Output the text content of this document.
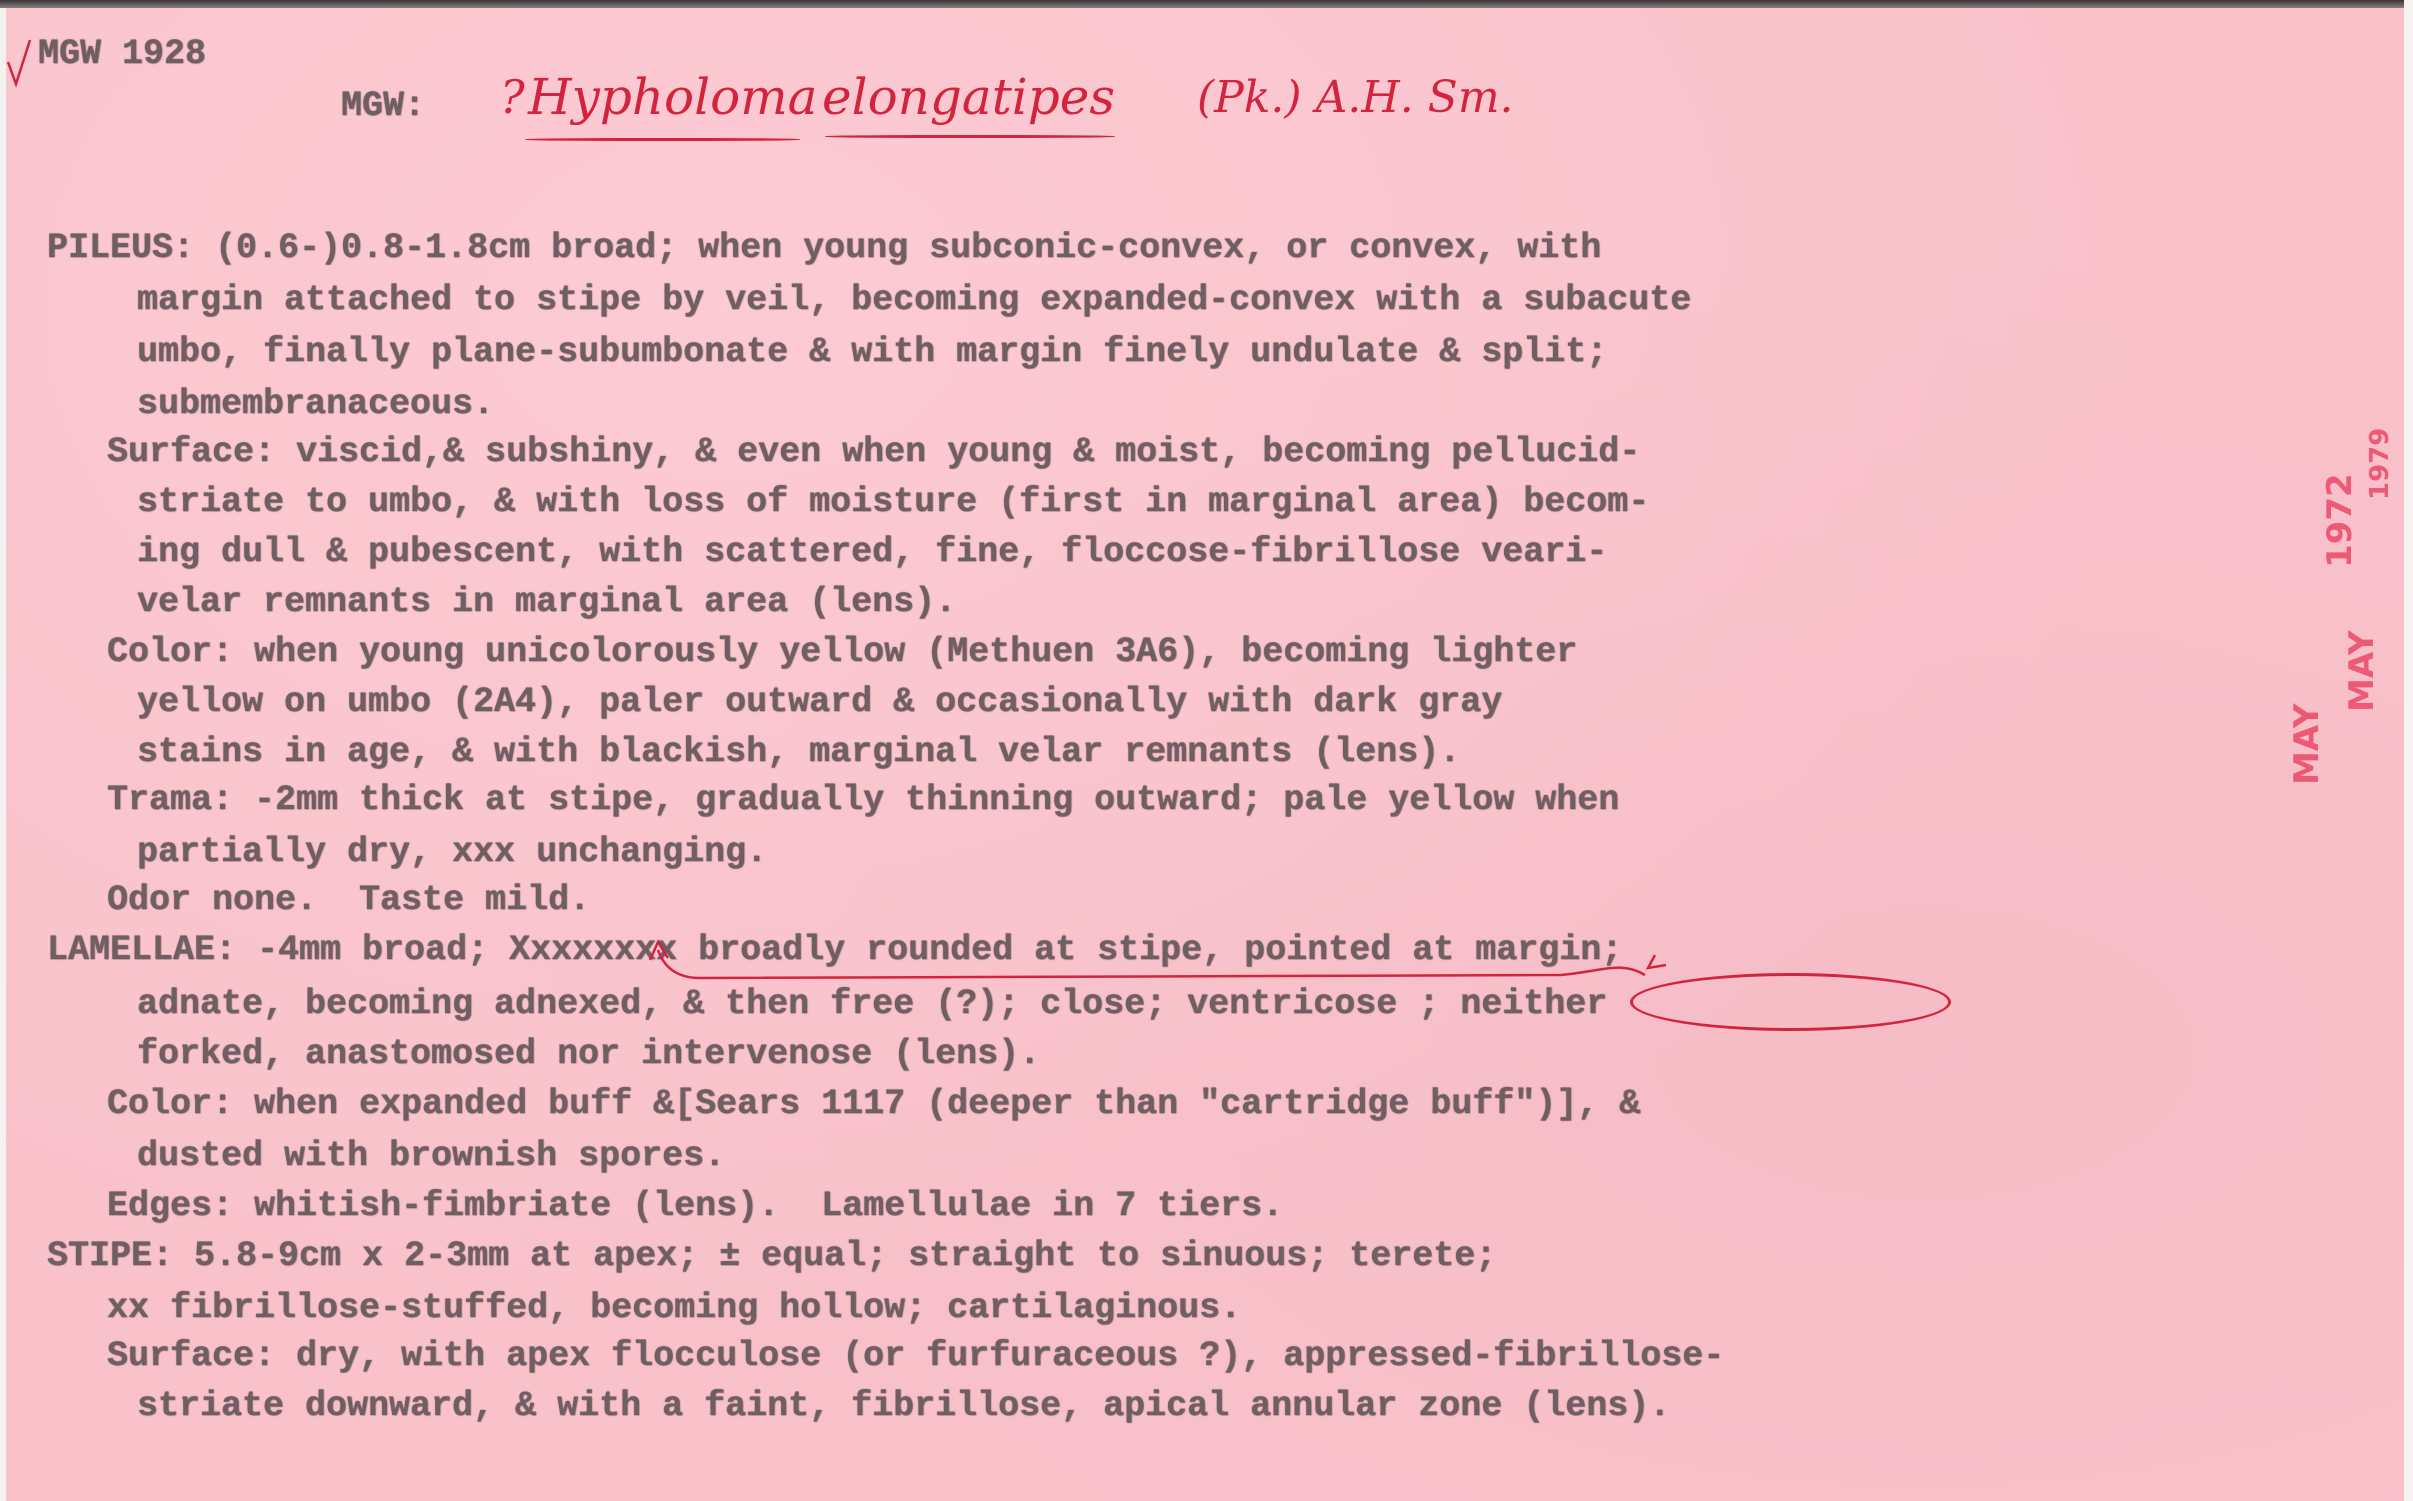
MGW 1928
MGW: ? Hypholoma elongatipes (Pk.) A.H. Sm.
PILEUS: (0.6-)0.8-1.8cm broad; when young subconic-convex, or convex, with
margin attached to stipe by veil, becoming expanded-convex with a subacute
umbo, finally plane-subumbonate & with margin finely undulate & split;
submembranaceous.
Surface: viscid,& subshiny, & even when young & moist, becoming pellucid-
striate to umbo, & with loss of moisture (first in marginal area) becom-
ing dull & pubescent, with scattered, fine, floccose-fibrillose veari-
velar remnants in marginal area (lens).
Color: when young unicolorously yellow (Methuen 3A6), becoming lighter
yellow on umbo (2A4), paler outward & occasionally with dark gray
stains in age, & with blackish, marginal velar remnants (lens).
Trama: -2mm thick at stipe, gradually thinning outward; pale yellow when
partially dry, xxx unchanging.
Odor none.  Taste mild.
LAMELLAE: -4mm broad; Xxxxxxxx broadly rounded at stipe, pointed at margin;
adnate, becoming adnexed, & then free (?); close; ventricose ; neither
forked, anastomosed nor intervenose (lens).
Color: when expanded buff &[Sears 1117 (deeper than "cartridge buff")], &
dusted with brownish spores.
Edges: whitish-fimbriate (lens).  Lamellulae in 7 tiers.
STIPE: 5.8-9cm x 2-3mm at apex; ± equal; straight to sinuous; terete;
xx fibrillose-stuffed, becoming hollow; cartilaginous.
Surface: dry, with apex flocculose (or furfuraceous ?), appressed-fibrillose-
striate downward, & with a faint, fibrillose, apical annular zone (lens).
1972
1979
MAY
MAY
